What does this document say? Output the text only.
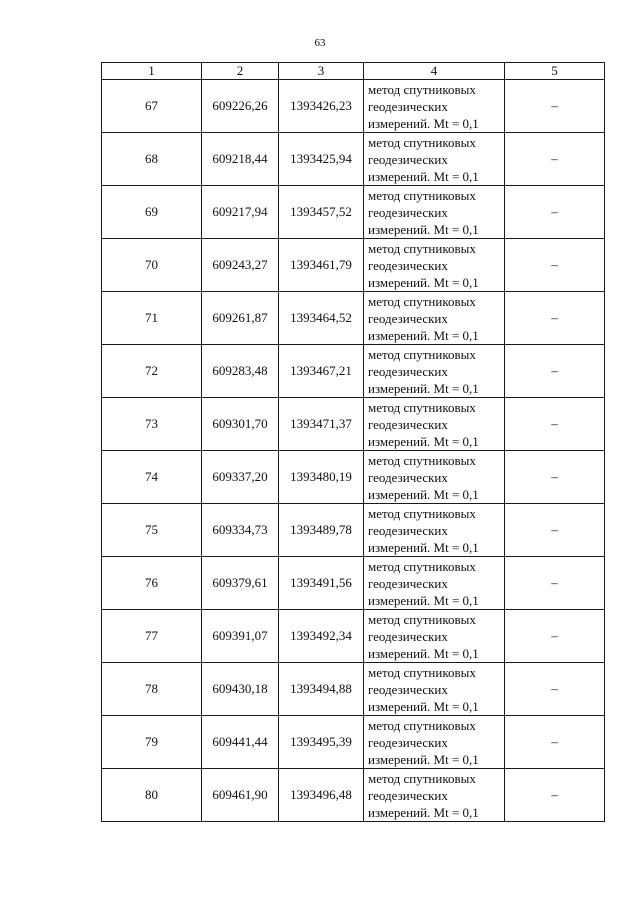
63
1	2	3	4	5
67	609226,26	1393426,23	метод спутниковых
геодезических
измерений. Mt = 0,1	–
68	609218,44	1393425,94	метод спутниковых
геодезических
измерений. Mt = 0,1	–
69	609217,94	1393457,52	метод спутниковых
геодезических
измерений. Mt = 0,1	–
70	609243,27	1393461,79	метод спутниковых
геодезических
измерений. Mt = 0,1	–
71	609261,87	1393464,52	метод спутниковых
геодезических
измерений. Mt = 0,1	–
72	609283,48	1393467,21	метод спутниковых
геодезических
измерений. Mt = 0,1	–
73	609301,70	1393471,37	метод спутниковых
геодезических
измерений. Mt = 0,1	–
74	609337,20	1393480,19	метод спутниковых
геодезических
измерений. Mt = 0,1	–
75	609334,73	1393489,78	метод спутниковых
геодезических
измерений. Mt = 0,1	–
76	609379,61	1393491,56	метод спутниковых
геодезических
измерений. Mt = 0,1	–
77	609391,07	1393492,34	метод спутниковых
геодезических
измерений. Mt = 0,1	–
78	609430,18	1393494,88	метод спутниковых
геодезических
измерений. Mt = 0,1	–
79	609441,44	1393495,39	метод спутниковых
геодезических
измерений. Mt = 0,1	–
80	609461,90	1393496,48	метод спутниковых
геодезических
измерений. Mt = 0,1	–
